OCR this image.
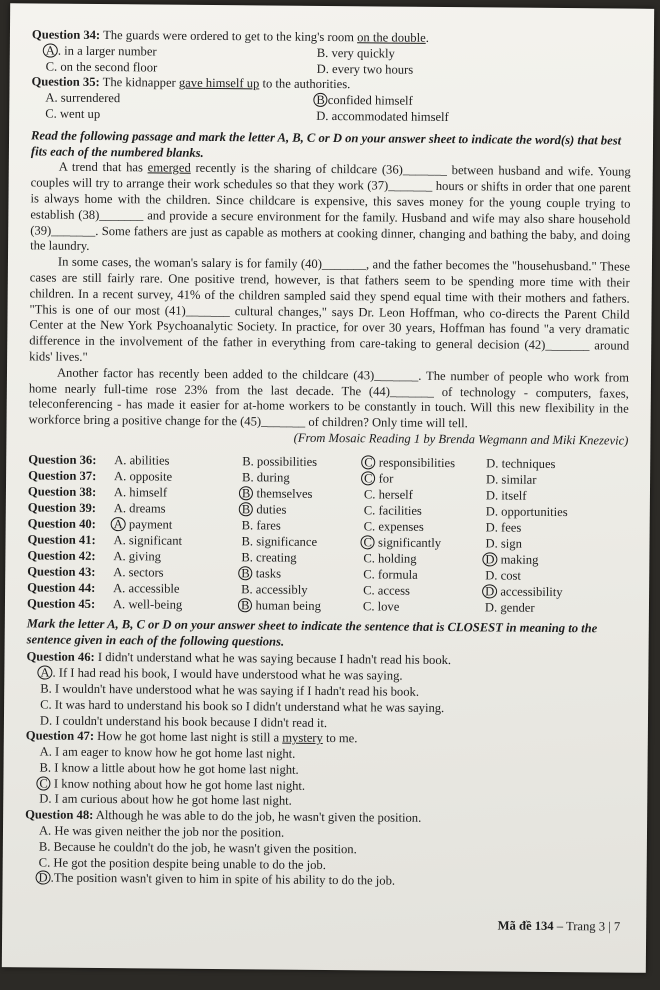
Question 34: The guards were ordered to get to the king's room on the double.
A . in a larger number	B. very quickly
C. on the second floor	D. every two hours
Question 35: The kidnapper gave himself up to the authorities.
A. surrendered	B confided himself
C. went up	D. accommodated himself
Read the following passage and mark the letter A, B, C or D on your answer sheet to indicate the word(s) that best fits each of the numbered blanks.
A trend that has emerged recently is the sharing of childcare (36)_______ between husband and wife. Young couples will try to arrange their work schedules so that they work (37)_______ hours or shifts in order that one parent is always home with the children. Since childcare is expensive, this saves money for the young couple trying to establish (38)_______ and provide a secure environment for the family. Husband and wife may also share household (39)_______. Some fathers are just as capable as mothers at cooking dinner, changing and bathing the baby, and doing the laundry.
In some cases, the woman's salary is for family (40)_______, and the father becomes the "househusband." These cases are still fairly rare. One positive trend, however, is that fathers seem to be spending more time with their children. In a recent survey, 41% of the children sampled said they spend equal time with their mothers and fathers. "This is one of our most (41)_______ cultural changes," says Dr. Leon Hoffman, who co-directs the Parent Child Center at the New York Psychoanalytic Society. In practice, for over 30 years, Hoffman has found "a very dramatic difference in the involvement of the father in everything from care-taking to general decision (42)_______ around kids' lives."
Another factor has recently been added to the childcare (43)_______. The number of people who work from home nearly full-time rose 23% from the last decade. The (44)_______ of technology - computers, faxes, teleconferencing - has made it easier for at-home workers to be constantly in touch. Will this new flexibility in the workforce bring a positive change for the (45)_______ of children? Only time will tell.
(From Mosaic Reading 1 by Brenda Wegmann and Miki Knezevic)
Question 36:	A. abilities	B. possibilities	C responsibilities	D. techniques
Question 37:	A. opposite	B. during	C for	D. similar
Question 38:	A. himself	B themselves	C. herself	D. itself
Question 39:	A. dreams	B duties	C. facilities	D. opportunities
Question 40:	A payment	B. fares	C. expenses	D. fees
Question 41:	A. significant	B. significance	C significantly	D. sign
Question 42:	A. giving	B. creating	C. holding	D making
Question 43:	A. sectors	B tasks	C. formula	D. cost
Question 44:	A. accessible	B. accessibly	C. access	D accessibility
Question 45:	A. well-being	B human being	C. love	D. gender
Mark the letter A, B, C or D on your answer sheet to indicate the sentence that is CLOSEST in meaning to the sentence given in each of the following questions.
Question 46: I didn't understand what he was saying because I hadn't read his book.
A . If I had read his book, I would have understood what he was saying.
B. I wouldn't have understood what he was saying if I hadn't read his book.
C. It was hard to understand his book so I didn't understand what he was saying.
D. I couldn't understand his book because I didn't read it.
Question 47: How he got home last night is still a mystery to me.
A. I am eager to know how he got home last night.
B. I know a little about how he got home last night.
C I know nothing about how he got home last night.
D. I am curious about how he got home last night.
Question 48: Although he was able to do the job, he wasn't given the position.
A. He was given neither the job nor the position.
B. Because he couldn't do the job, he wasn't given the position.
C. He got the position despite being unable to do the job.
D .The position wasn't given to him in spite of his ability to do the job.
Mã đề 134 – Trang 3 | 7
